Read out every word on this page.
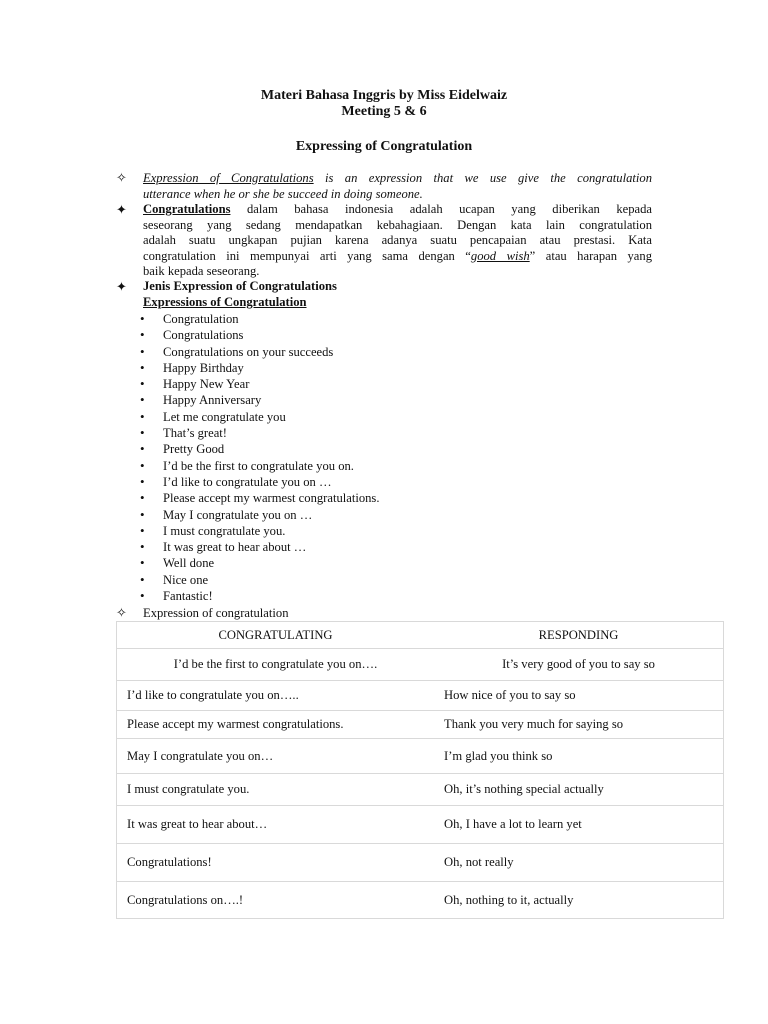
Materi Bahasa Inggris by Miss Eidelwaiz
Meeting 5 & 6
Expressing of Congratulation
✧ Expression of Congratulations is an expression that we use give the congratulation
utterance when he or she be succeed in doing someone.
✦ Congratulations dalam bahasa indonesia adalah ucapan yang diberikan kepada
seseorang yang sedang mendapatkan kebahagiaan. Dengan kata lain congratulation
adalah suatu ungkapan pujian karena adanya suatu pencapaian atau prestasi. Kata
congratulation ini mempunyai arti yang sama dengan “good wish” atau harapan yang
baik kepada seseorang.
✦ Jenis Expression of Congratulations
Expressions of Congratulation
• Congratulation
• Congratulations
• Congratulations on your succeeds
• Happy Birthday
• Happy New Year
• Happy Anniversary
• Let me congratulate you
• That’s great!
• Pretty Good
• I’d be the first to congratulate you on.
• I’d like to congratulate you on …
• Please accept my warmest congratulations.
• May I congratulate you on …
• I must congratulate you.
• It was great to hear about …
• Well done
• Nice one
• Fantastic!
✧ Expression of congratulation
CONGRATULATING	RESPONDING
I’d be the first to congratulate you on….	It’s very good of you to say so
I’d like to congratulate you on…..	How nice of you to say so
Please accept my warmest congratulations.	Thank you very much for saying so
May I congratulate you on…	I’m glad you think so
I must congratulate you.	Oh, it’s nothing special actually
It was great to hear about…	Oh, I have a lot to learn yet
Congratulations!	Oh, not really
Congratulations on….!	Oh, nothing to it, actually
